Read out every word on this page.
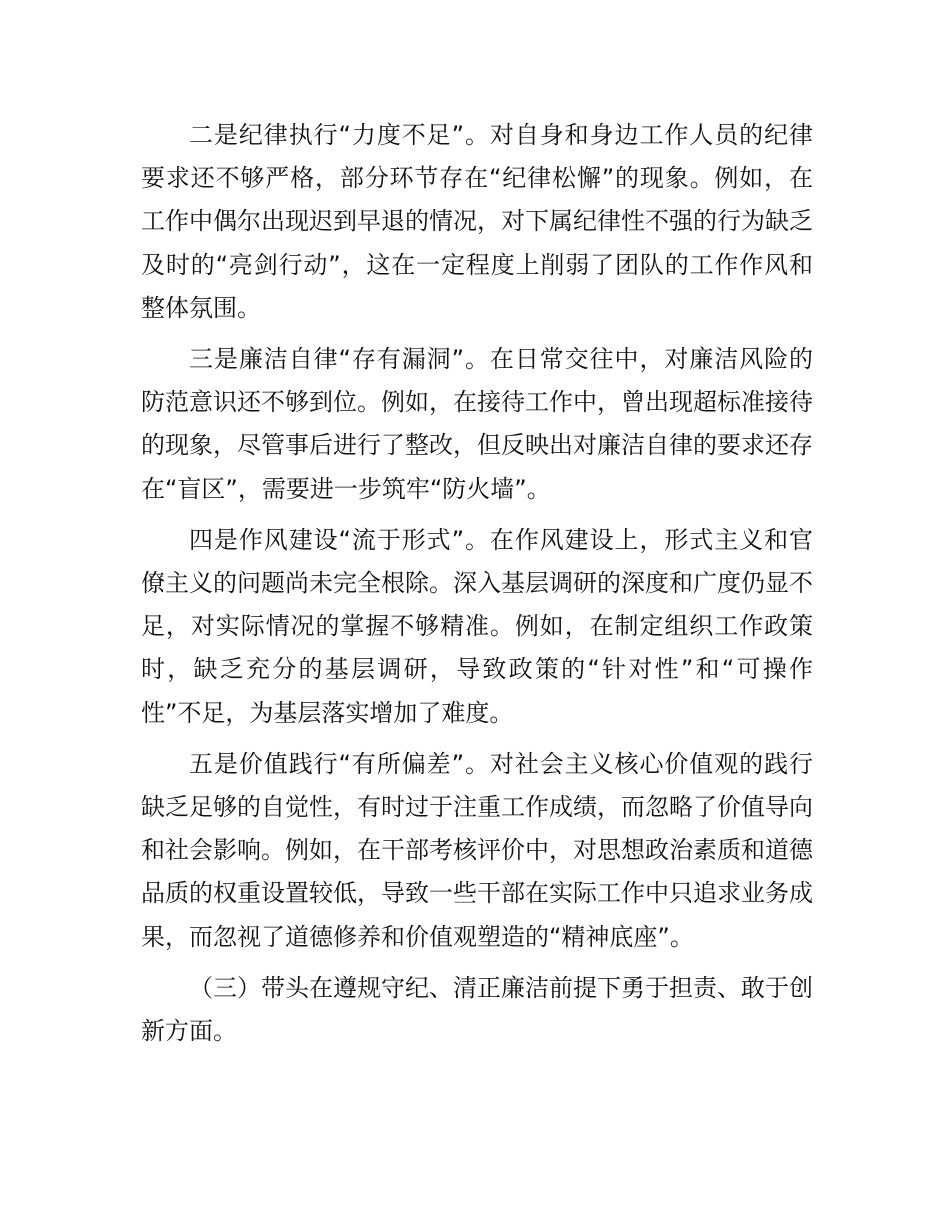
二是纪律执行“力度不足”。对自身和身边工作人员的纪律要求还不够严格，部分环节存在“纪律松懈”的现象。例如，在工作中偶尔出现迟到早退的情况，对下属纪律性不强的行为缺乏及时的“亮剑行动”，这在一定程度上削弱了团队的工作作风和整体氛围。

三是廉洁自律“存有漏洞”。在日常交往中，对廉洁风险的防范意识还不够到位。例如，在接待工作中，曾出现超标准接待的现象，尽管事后进行了整改，但反映出对廉洁自律的要求还存在“盲区”，需要进一步筑牢“防火墙”。

四是作风建设“流于形式”。在作风建设上，形式主义和官僚主义的问题尚未完全根除。深入基层调研的深度和广度仍显不足，对实际情况的掌握不够精准。例如，在制定组织工作政策时，缺乏充分的基层调研，导致政策的“针对性”和“可操作性”不足，为基层落实增加了难度。

五是价值践行“有所偏差”。对社会主义核心价值观的践行缺乏足够的自觉性，有时过于注重工作成绩，而忽略了价值导向和社会影响。例如，在干部考核评价中，对思想政治素质和道德品质的权重设置较低，导致一些干部在实际工作中只追求业务成果，而忽视了道德修养和价值观塑造的“精神底座”。

（三）带头在遵规守纪、清正廉洁前提下勇于担责、敢于创新方面。
